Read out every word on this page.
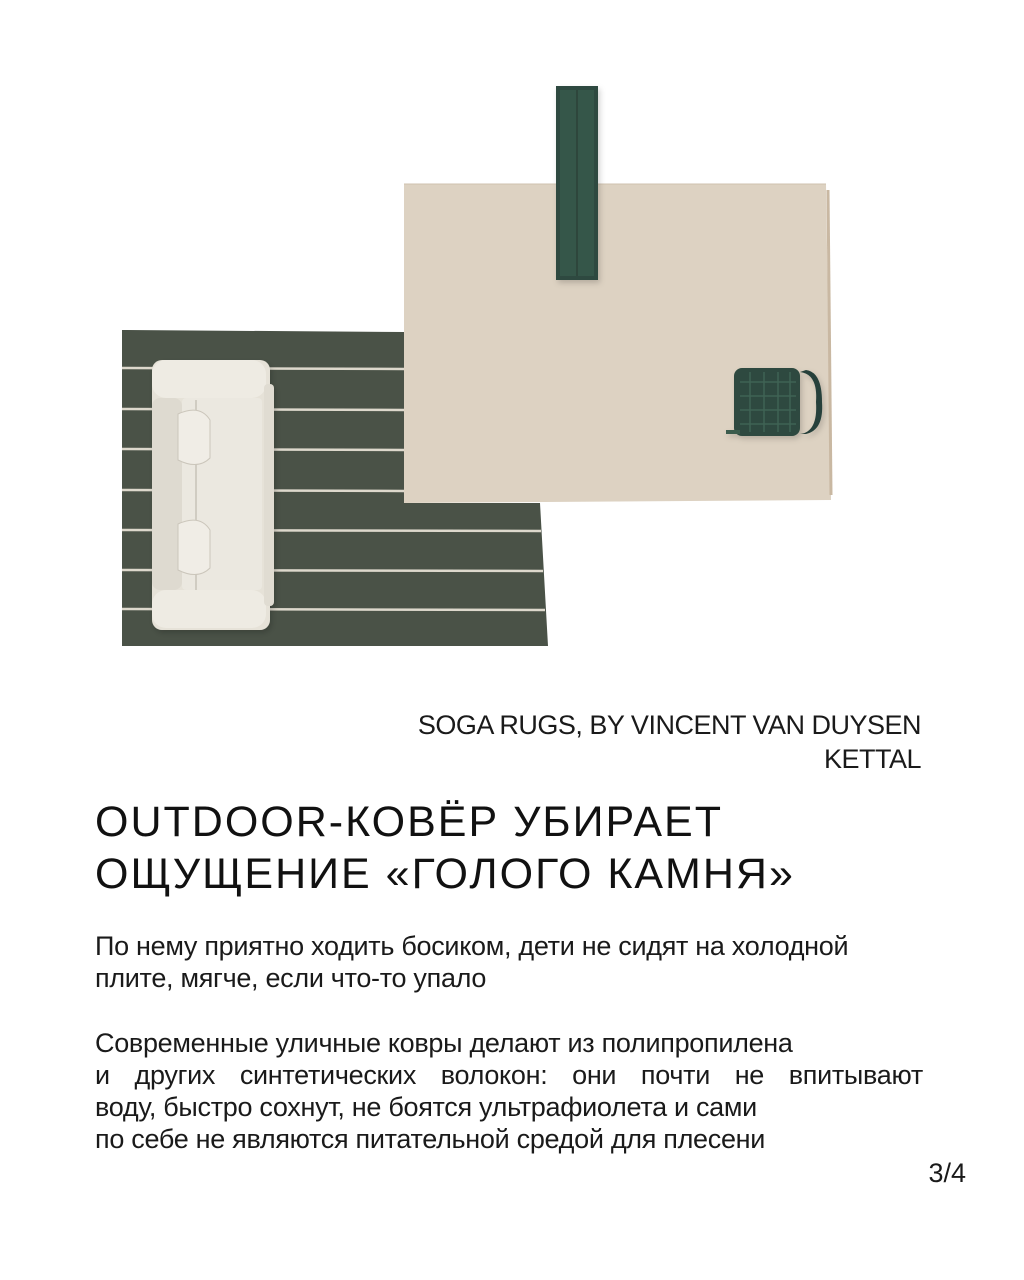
SOGA RUGS, BY VINCENT VAN DUYSEN
KETTAL
OUTDOOR-КОВЁР УБИРАЕТ
ОЩУЩЕНИЕ «ГОЛОГО КАМНЯ»
По нему приятно ходить босиком, дети не сидят на холодной
плите, мягче, если что-то упало
Современные уличные ковры делают из полипропилена
и других синтетических волокон: они почти не впитывают
воду, быстро сохнут, не боятся ультрафиолета и сами
по себе не являются питательной средой для плесени
3/4
